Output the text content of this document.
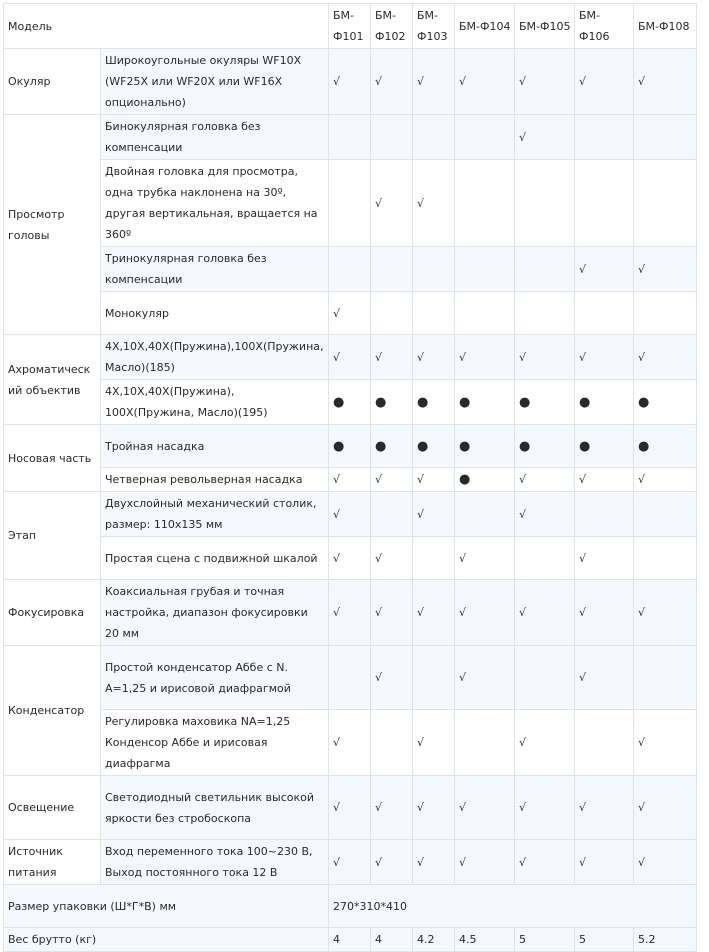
Модель		БМ-Ф101	БМ-Ф102	БМ-Ф103	БМ-Ф104	БМ-Ф105	БМ-Ф106	БМ-Ф108
Окуляр	Широкоугольные окуляры WF10X (WF25X или WF20X или WF16X опционально)	√	√	√	√	√	√	√
Просмотр головы	Бинокулярная головка без компенсации					√		
	Двойная головка для просмотра, одна трубка наклонена на 30º, другая вертикальная, вращается на 360º		√	√				
	Тринокулярная головка без компенсации						√	√
	Монокуляр	√						
Ахроматический объектив	4X,10X,40X(Пружина),100X(Пружина, Масло)(185)	√	√	√	√	√	√	√
	4X,10X,40X(Пружина), 100X(Пружина, Масло)(195)	●	●	●	●	●	●	●
Носовая часть	Тройная насадка	●	●	●	●	●	●	●
	Четверная револьверная насадка	√	√	√	●	√	√	√
Этап	Двухслойный механический столик, размер: 110x135 мм	√		√		√		
	Простая сцена с подвижной шкалой	√	√		√		√	
Фокусировка	Коаксиальная грубая и точная настройка, диапазон фокусировки 20 мм	√	√	√	√	√	√	√
Конденсатор	Простой конденсатор Аббе с N. A=1,25 и ирисовой диафрагмой		√		√		√	
	Регулировка маховика NA=1,25 Конденсор Аббе и ирисовая диафрагма	√		√		√		√
Освещение	Светодиодный светильник высокой яркости без стробоскопа	√	√	√	√	√	√	√
Источник питания	Вход переменного тока 100~230 В, Выход постоянного тока 12 В	√	√	√	√	√	√	√
Размер упаковки (Ш*Г*В) мм		270*310*410						
Вес брутто (кг)		4	4	4.2	4.5	5	5	5.2
